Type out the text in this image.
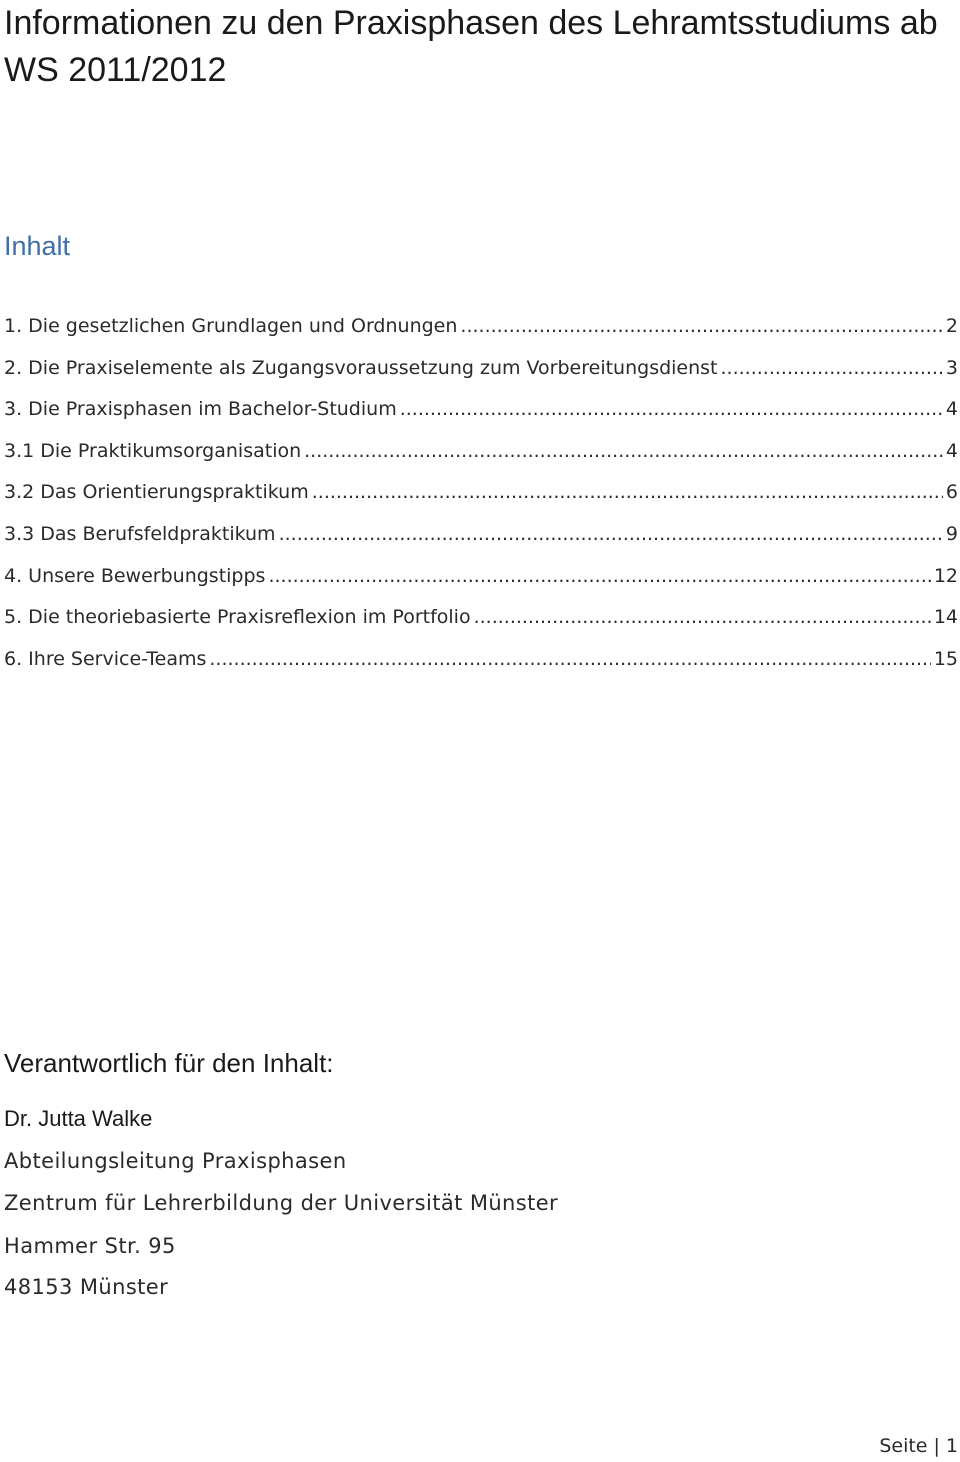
Informationen zu den Praxisphasen des Lehramtsstudiums ab WS 2011/2012
Inhalt
1. Die gesetzlichen Grundlagen und Ordnungen .....	2
2. Die Praxiselemente als Zugangsvoraussetzung zum Vorbereitungsdienst .....	3
3. Die Praxisphasen im Bachelor-Studium .....	4
3.1 Die Praktikumsorganisation .....	4
3.2 Das Orientierungspraktikum .....	6
3.3 Das Berufsfeldpraktikum .....	9
4. Unsere Bewerbungstipps .....	12
5. Die theoriebasierte Praxisreflexion im Portfolio .....	14
6. Ihre Service-Teams .....	15
Verantwortlich für den Inhalt:

Dr. Jutta Walke

Abteilungsleitung Praxisphasen

Zentrum für Lehrerbildung der Universität Münster

Hammer Str. 95

48153 Münster

Seite | 1
